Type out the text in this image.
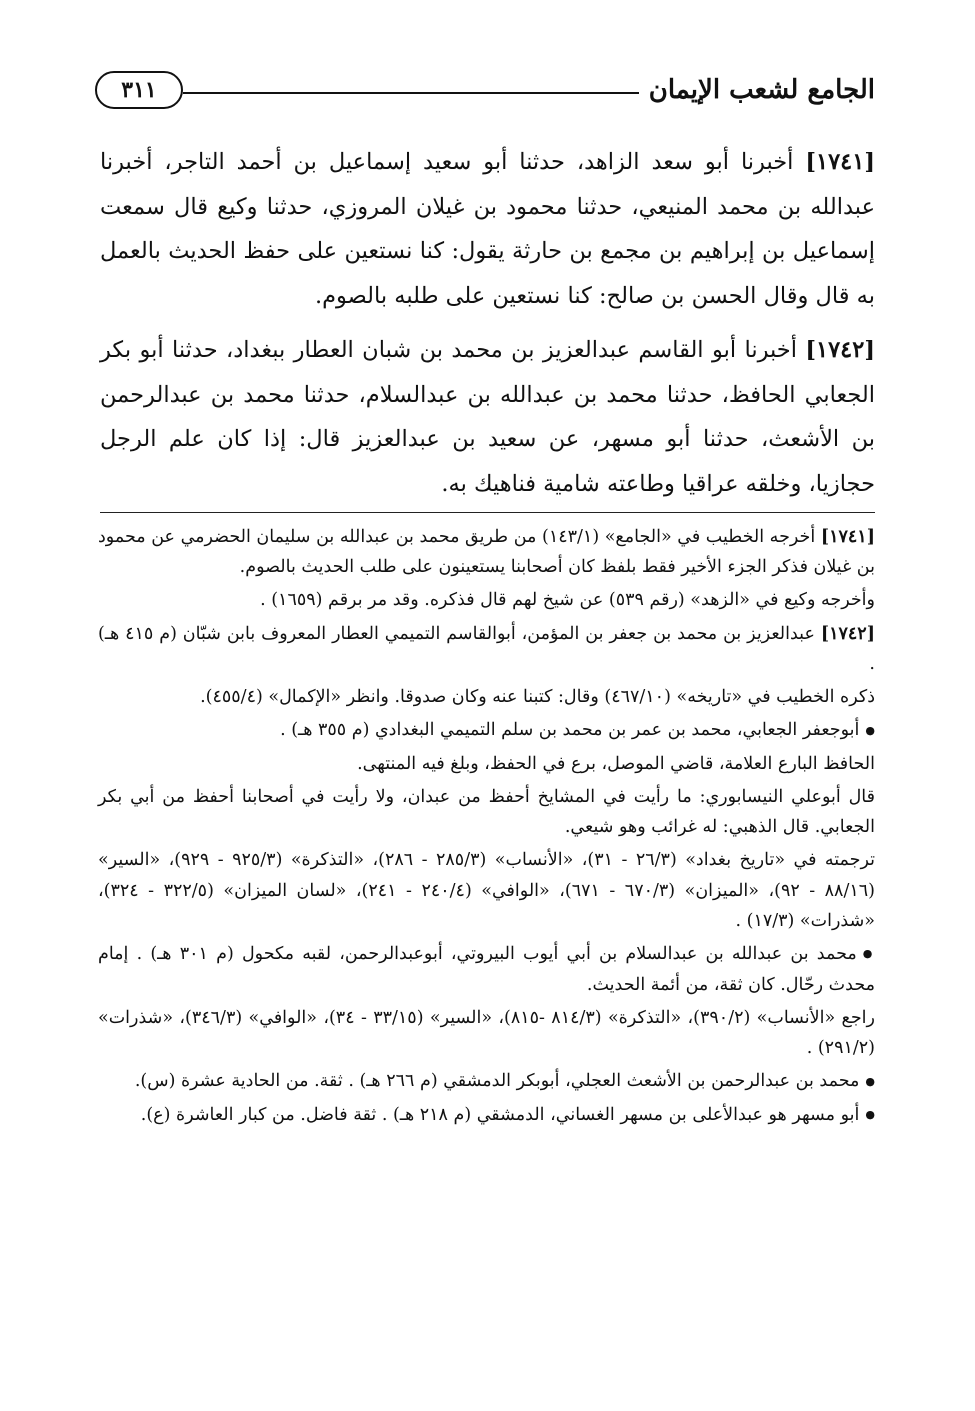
الجامع لشعب الإيمان
٣١١

[١٧٤١] أخبرنا أبو سعد الزاهد، حدثنا أبو سعيد إسماعيل بن أحمد التاجر، أخبرنا عبدالله بن محمد المنيعي، حدثنا محمود بن غيلان المروزي، حدثنا وكيع قال سمعت إسماعيل بن إبراهيم بن مجمع بن حارثة يقول: كنا نستعين على حفظ الحديث بالعمل به قال وقال الحسن بن صالح: كنا نستعين على طلبه بالصوم.

[١٧٤٢] أخبرنا أبو القاسم عبدالعزيز بن محمد بن شبان العطار ببغداد، حدثنا أبو بكر الجعابي الحافظ، حدثنا محمد بن عبدالله بن عبدالسلام، حدثنا محمد بن عبدالرحمن بن الأشعث، حدثنا أبو مسهر، عن سعيد بن عبدالعزيز قال: إذا كان علم الرجل حجازيا، وخلقه عراقيا وطاعته شامية فناهيك به.

[١٧٤١] أخرجه الخطيب في «الجامع» (١٤٣/١) من طريق محمد بن عبدالله بن سليمان الحضرمي عن محمود بن غيلان فذكر الجزء الأخير فقط بلفظ كان أصحابنا يستعينون على طلب الحديث بالصوم.

وأخرجه وكيع في «الزهد» (رقم ٥٣٩) عن شيخ لهم قال فذكره. وقد مر برقم (١٦٥٩) .

[١٧٤٢] عبدالعزيز بن محمد بن جعفر بن المؤمن، أبوالقاسم التميمي العطار المعروف بابن شبّان (م ٤١٥ هـ) .

ذكره الخطيب في «تاريخه» (٤٦٧/١٠) وقال: كتبنا عنه وكان صدوقا. وانظر «الإكمال» (٤٥٥/٤).

● أبوجعفر الجعابي، محمد بن عمر بن محمد بن سلم التميمي البغدادي (م ٣٥٥ هـ) .

الحافظ البارع العلامة، قاضي الموصل، برع في الحفظ، وبلغ فيه المنتهى.

قال أبوعلي النيسابوري: ما رأيت في المشايخ أحفظ من عبدان، ولا رأيت في أصحابنا أحفظ من أبي بكر الجعابي. قال الذهبي: له غرائب وهو شيعي.

ترجمته في «تاريخ بغداد» (٢٦/٣ - ٣١)، «الأنساب» (٢٨٥/٣ - ٢٨٦)، «التذكرة» (٩٢٥/٣ - ٩٢٩)، «السير» (٨٨/١٦ - ٩٢)، «الميزان» (٦٧٠/٣ - ٦٧١)، «الوافي» (٢٤٠/٤ - ٢٤١)، «لسان الميزان» (٣٢٢/٥ - ٣٢٤)، «شذرات» (١٧/٣) .

● محمد بن عبدالله بن عبدالسلام بن أبي أيوب البيروتي، أبوعبدالرحمن، لقبه مكحول (م ٣٠١ هـ) . إمام محدث رحّال. كان ثقة، من أئمة الحديث.

راجع «الأنساب» (٣٩٠/٢)، «التذكرة» (٨١٤/٣ -٨١٥)، «السير» (٣٣/١٥ - ٣٤)، «الوافي» (٣٤٦/٣)، «شذرات» (٢٩١/٢) .

● محمد بن عبدالرحمن بن الأشعث العجلي، أبوبكر الدمشقي (م ٢٦٦ هـ) . ثقة. من الحادية عشرة (س).

● أبو مسهر هو عبدالأعلى بن مسهر الغساني، الدمشقي (م ٢١٨ هـ) . ثقة فاضل. من كبار العاشرة (ع).
